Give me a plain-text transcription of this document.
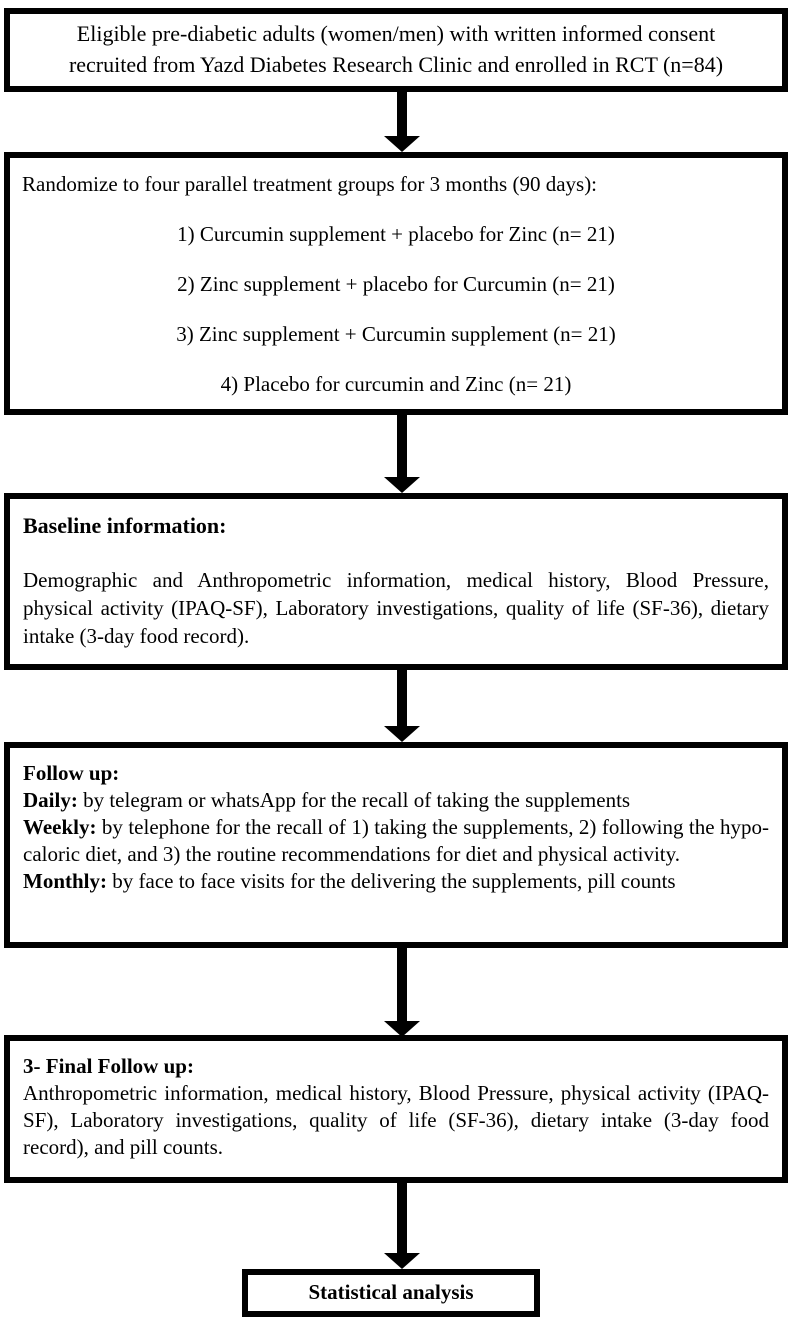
Eligible pre-diabetic adults (women/men) with written informed consent
recruited from Yazd Diabetes Research Clinic and enrolled in RCT (n=84)
Randomize to four parallel treatment groups for 3 months (90 days):
1) Curcumin supplement + placebo for Zinc (n= 21)
2) Zinc supplement + placebo for Curcumin (n= 21)
3) Zinc supplement + Curcumin supplement (n= 21)
4) Placebo for curcumin and Zinc (n= 21)
Baseline information:
Demographic and Anthropometric information, medical history, Blood Pressure, physical activity (IPAQ-SF), Laboratory investigations, quality of life (SF-36), dietary intake (3-day food record).
Follow up:

Daily: by telegram or whatsApp for the recall of taking the supplements

Weekly: by telephone for the recall of 1) taking the supplements, 2) following the hypo-caloric diet, and 3) the routine recommendations for diet and physical activity.

Monthly: by face to face visits for the delivering the supplements, pill counts

3- Final Follow up:
Anthropometric information, medical history, Blood Pressure, physical activity (IPAQ-SF), Laboratory investigations, quality of life (SF-36), dietary intake (3-day food record), and pill counts.
Statistical analysis
